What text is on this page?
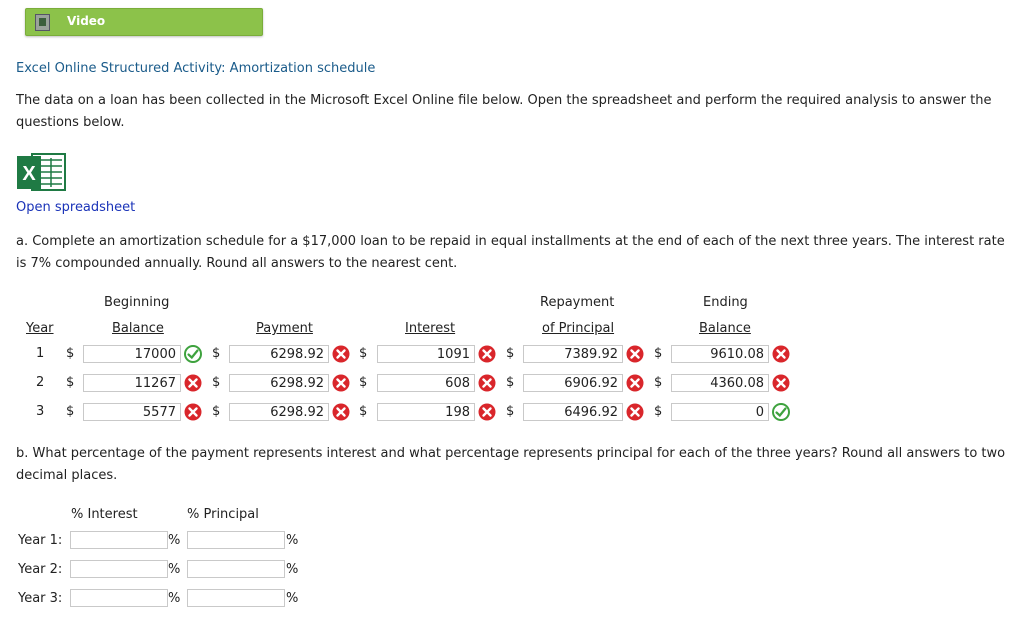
Video
Excel Online Structured Activity: Amortization schedule
The data on a loan has been collected in the Microsoft Excel Online file below. Open the spreadsheet and perform the required analysis to answer the questions below.
X
Open spreadsheet
a. Complete an amortization schedule for a $17,000 loan to be repaid in equal installments at the end of each of the next three years. The interest rate is 7% compounded annually. Round all answers to the nearest cent.
Beginning	Repayment	Ending
Year	Balance	Payment	Interest	of Principal	Balance
1 $	17000	$	6298.92	$	1091	$	7389.92	$	9610.08
2 $	11267	$	6298.92	$	608	$	6906.92	$	4360.08
3 $	5577	$	6298.92	$	198	$	6496.92	$	0
b. What percentage of the payment represents interest and what percentage represents principal for each of the three years? Round all answers to two decimal places.
% Interest	% Principal
Year 1:	%	%
Year 2:	%	%
Year 3:	%	%
